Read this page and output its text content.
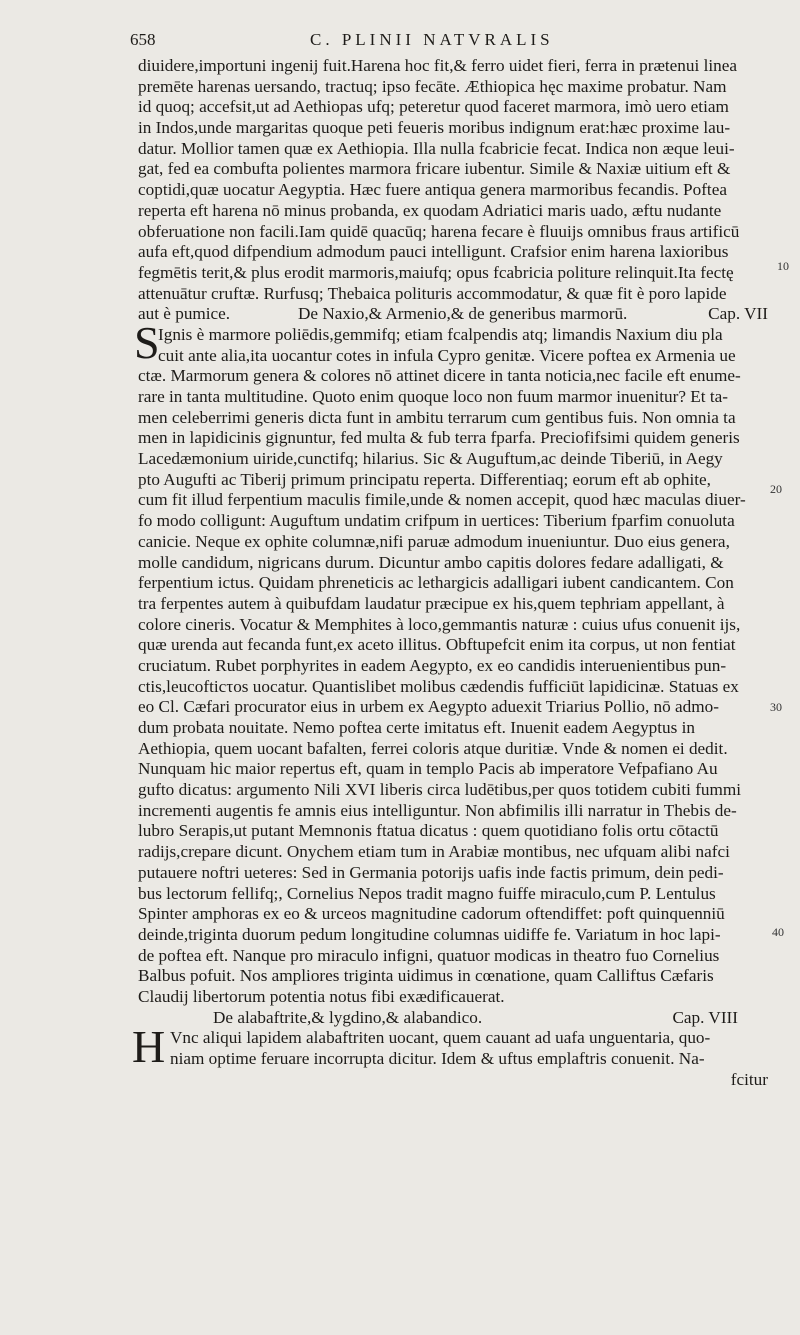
658	C. PLINII NATVRALIS
10
20
30
40
diuidere,importuni ingenij fuit.Harena hoc fit,& ferro uidet fieri, ferra in prætenui linea
premēte harenas uersando, tractuq; ipso fecāte. Æthiopica hęc maxime probatur. Nam
id quoq; accefsit,ut ad Aethiopas ufq; peteretur quod faceret marmora, imò uero etiam
in Indos,unde margaritas quoque peti feueris moribus indignum erat:hæc proxime lau-
datur. Mollior tamen quæ ex Aethiopia. Illa nulla fcabricie fecat. Indica non æque leui-
gat, fed ea combufta polientes marmora fricare iubentur. Simile & Naxiæ uitium eft &
coptidi,quæ uocatur Aegyptia. Hæc fuere antiqua genera marmoribus fecandis. Poftea
reperta eft harena nō minus probanda, ex quodam Adriatici maris uado, æftu nudante
obferuatione non facili.Iam quidē quacūq; harena fecare è fluuijs omnibus fraus artificū
aufa eft,quod difpendium admodum pauci intelligunt. Crafsior enim harena laxioribus
fegmētis terit,& plus erodit marmoris,maiufq; opus fcabricia politure relinquit.Ita fectę
attenuātur cruftæ. Rurfusq; Thebaica polituris accommodatur, & quæ fit è poro lapide
aut è pumice.	De Naxio,& Armenio,& de generibus marmorū.	Cap. VII
S
Ignis è marmore poliēdis,gemmifq; etiam fcalpendis atq; limandis Naxium diu pla
cuit ante alia,ita uocantur cotes in infula Cypro genitæ. Vicere poftea ex Armenia ue
ctæ. Marmorum genera & colores nō attinet dicere in tanta noticia,nec facile eft enume-
rare in tanta multitudine. Quoto enim quoque loco non fuum marmor inuenitur? Et ta-
men celeberrimi generis dicta funt in ambitu terrarum cum gentibus fuis. Non omnia ta
men in lapidicinis gignuntur, fed multa & fub terra fparfa. Preciofifsimi quidem generis
Lacedæmonium uiride,cunctifq; hilarius. Sic & Auguftum,ac deinde Tiberiū, in Aegy
pto Augufti ac Tiberij primum principatu reperta. Differentiaq; eorum eft ab ophite,
cum fit illud ferpentium maculis fimile,unde & nomen accepit, quod hæc maculas diuer-
fo modo colligunt: Auguftum undatim crifpum in uertices: Tiberium fparfim conuoluta
canicie. Neque ex ophite columnæ,nifi paruæ admodum inueniuntur. Duo eius genera,
molle candidum, nigricans durum. Dicuntur ambo capitis dolores fedare adalligati, &
ferpentium ictus. Quidam phreneticis ac lethargicis adalligari iubent candicantem. Con
tra ferpentes autem à quibufdam laudatur præcipue ex his,quem tephriam appellant, à
colore cineris. Vocatur & Memphites à loco,gemmantis naturæ : cuius ufus conuenit ijs,
quæ urenda aut fecanda funt,ex aceto illitus. Obftupefcit enim ita corpus, ut non fentiat
cruciatum. Rubet porphyrites in eadem Aegypto, ex eo candidis interuenientibus pun-
ctis,leucofticτos uocatur. Quantislibet molibus cædendis fufficiūt lapidicinæ. Statuas ex
eo Cl. Cæfari procurator eius in urbem ex Aegypto aduexit Triarius Pollio, nō admo-
dum probata nouitate. Nemo poftea certe imitatus eft. Inuenit eadem Aegyptus in
Aethiopia, quem uocant bafalten, ferrei coloris atque duritiæ. Vnde & nomen ei dedit.
Nunquam hic maior repertus eft, quam in templo Pacis ab imperatore Vefpafiano Au
gufto dicatus: argumento Nili XVI liberis circa ludētibus,per quos totidem cubiti fummi
incrementi augentis fe amnis eius intelliguntur. Non abfimilis illi narratur in Thebis de-
lubro Serapis,ut putant Memnonis ftatua dicatus : quem quotidiano folis ortu cōtactū
radijs,crepare dicunt. Onychem etiam tum in Arabiæ montibus, nec ufquam alibi nafci
putauere noftri ueteres: Sed in Germania potorijs uafis inde factis primum, dein pedi-
bus lectorum fellifq;, Cornelius Nepos tradit magno fuiffe miraculo,cum P. Lentulus
Spinter amphoras ex eo & urceos magnitudine cadorum oftendiffet: poft quinquenniū
deinde,triginta duorum pedum longitudine columnas uidiffe fe. Variatum in hoc lapi-
de poftea eft. Nanque pro miraculo infigni, quatuor modicas in theatro fuo Cornelius
Balbus pofuit. Nos ampliores triginta uidimus in cœnatione, quam Calliftus Cæfaris
Claudij libertorum potentia notus fibi exædificauerat.
De alabaftrite,& lygdino,& alabandico.	Cap. VIII
H Vnc aliqui lapidem alabaftriten uocant, quem cauant ad uafa unguentaria, quo-
niam optime feruare incorrupta dicitur. Idem & uftus emplaftris conuenit. Na-
fcitur
